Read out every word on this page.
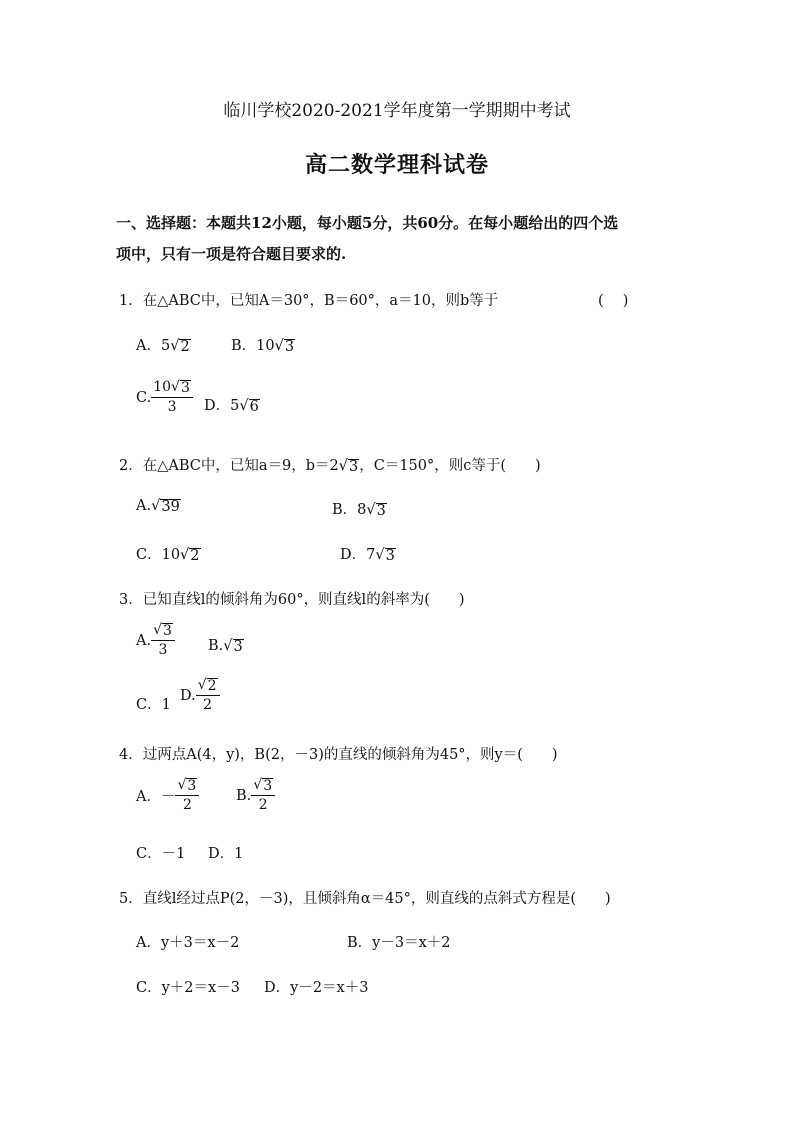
临川学校2020-2021学年度第一学期期中考试
高二数学理科试卷
一、选择题：本题共12小题，每小题5分，共60分。在每小题给出的四个选
项中，只有一项是符合题目要求的.
1．在△ABC中，已知A＝30°，B＝60°，a＝10，则b等于	(　 )
A．5 √ 2	B．10 √ 3
C. $\frac{10 √ 3}{3}$ D．5 √ 6
2．在△ABC中，已知a＝9，b＝2 √ 3 ，C＝150°，则c等于(　　)
A. √ 39	B．8 √ 3
C．10 √ 2	D．7 √ 3
3．已知直线l的倾斜角为60°，则直线l的斜率为(　　)
A. $\frac{√ 3}{3} B$. √ 3
C．1
D. $\frac{√ 2}{2}$
4．过两点A(4，y)，B(2，－3)的直线的倾斜角为45°，则y＝(　　)
A．－ $\frac{√ 3}{2}$	B. $\frac{√ 3}{2}$
C．－1 D．1
5．直线l经过点P(2，－3)，且倾斜角α＝45°，则直线的点斜式方程是(　　)
A．y＋3＝x－2	B．y－3＝x＋2
C．y＋2＝x－3 D．y－2＝x＋3
